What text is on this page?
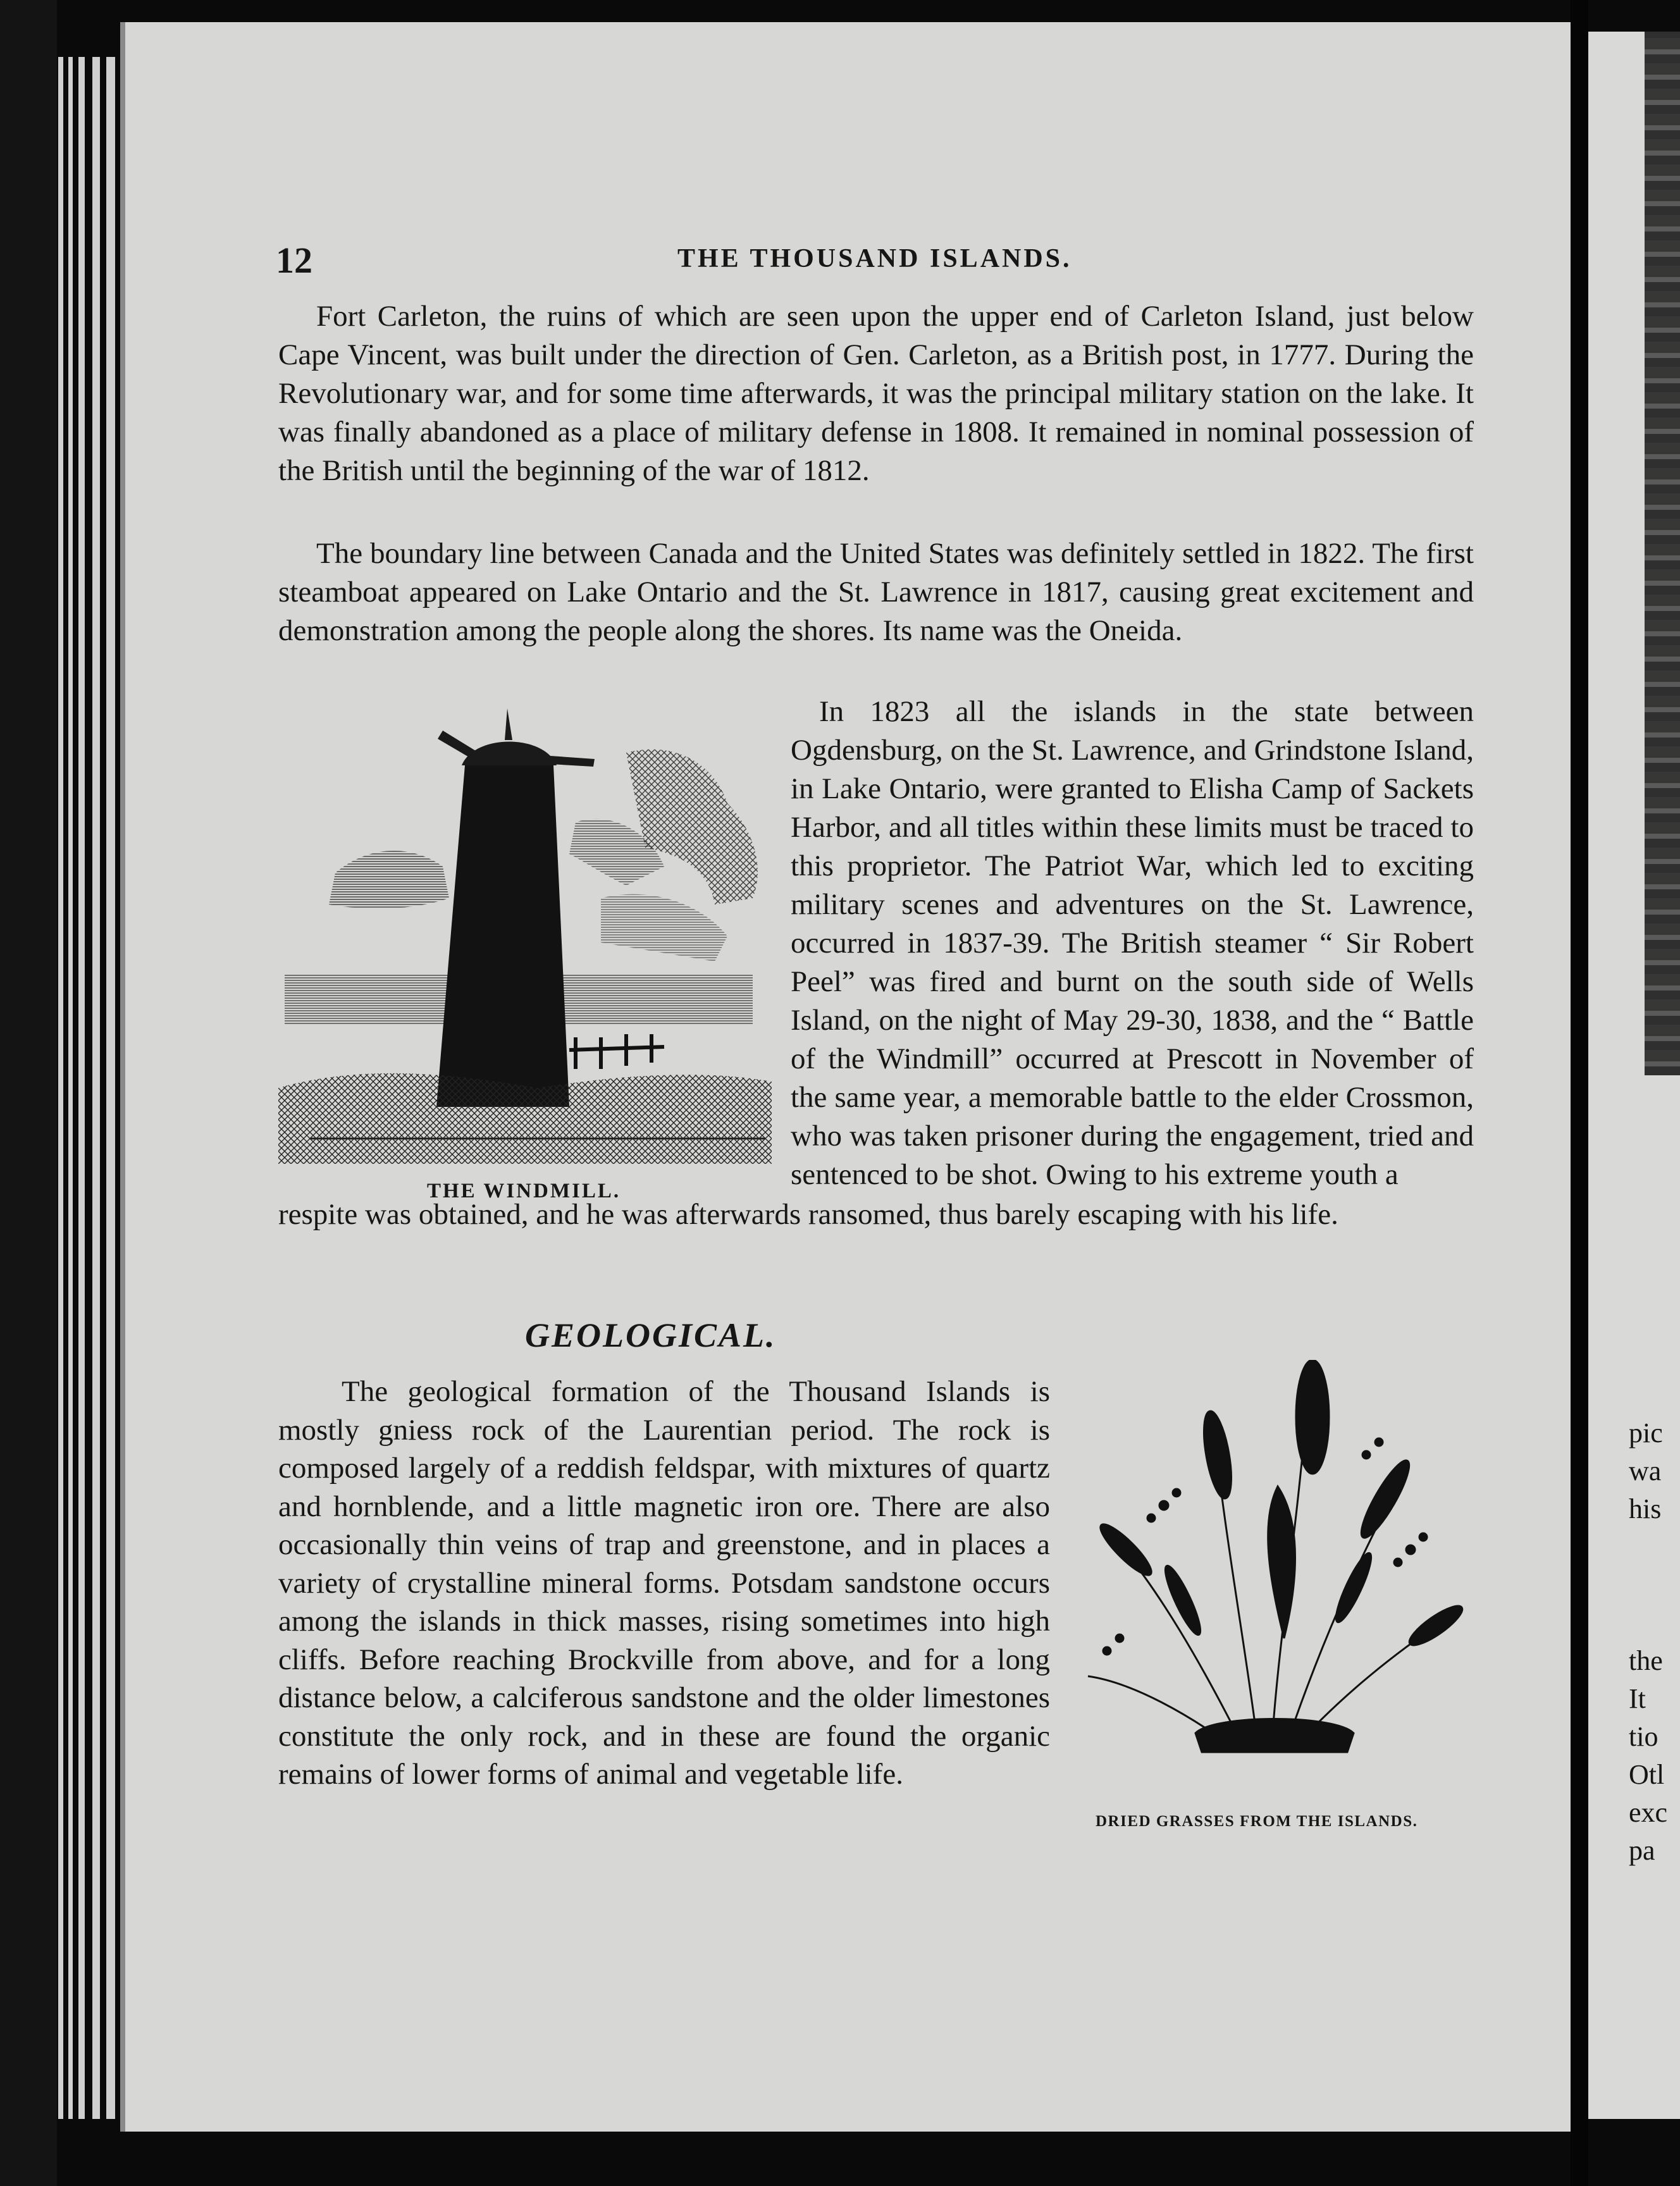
pic
wa
his
the
It
tio
Otl
exc
pa
12	THE THOUSAND ISLANDS.
Fort Carleton, the ruins of which are seen upon the upper end of Carleton Island, just below Cape Vincent, was built under the direction of Gen. Carleton, as a British post, in 1777. During the Revolutionary war, and for some time afterwards, it was the principal military station on the lake. It was finally abandoned as a place of military defense in 1808. It remained in nominal possession of the British until the beginning of the war of 1812.
The boundary line between Canada and the United States was definitely settled in 1822. The first steamboat appeared on Lake Ontario and the St. Lawrence in 1817, causing great excitement and demonstration among the people along the shores. Its name was the Oneida.
In 1823 all the islands in the state between Ogdensburg, on the St. Lawrence, and Grindstone Island, in Lake Ontario, were granted to Elisha Camp of Sackets Harbor, and all titles within these limits must be traced to this proprietor. The Patriot War, which led to exciting military scenes and adventures on the St. Lawrence, occurred in 1837-39. The British steamer “ Sir Robert Peel” was fired and burnt on the south side of Wells Island, on the night of May 29-30, 1838, and the “ Battle of the Windmill” occurred at Prescott in November of the same year, a memorable battle to the elder Crossmon, who was taken prisoner during the engagement, tried and sentenced to be shot. Owing to his extreme youth a
respite was obtained, and he was afterwards ransomed, thus barely escaping with his life.
THE WINDMILL.
GEOLOGICAL.
The geological formation of the Thousand Islands is mostly gniess rock of the Laurentian period. The rock is composed largely of a reddish feldspar, with mixtures of quartz and hornblende, and a little magnetic iron ore. There are also occasionally thin veins of trap and greenstone, and in places a variety of crystalline mineral forms. Potsdam sandstone occurs among the islands in thick masses, rising sometimes into high cliffs. Before reaching Brockville from above, and for a long distance below, a calciferous sandstone and the older limestones constitute the only rock, and in these are found the organic remains of lower forms of animal and vegetable life.
DRIED GRASSES FROM THE ISLANDS.
